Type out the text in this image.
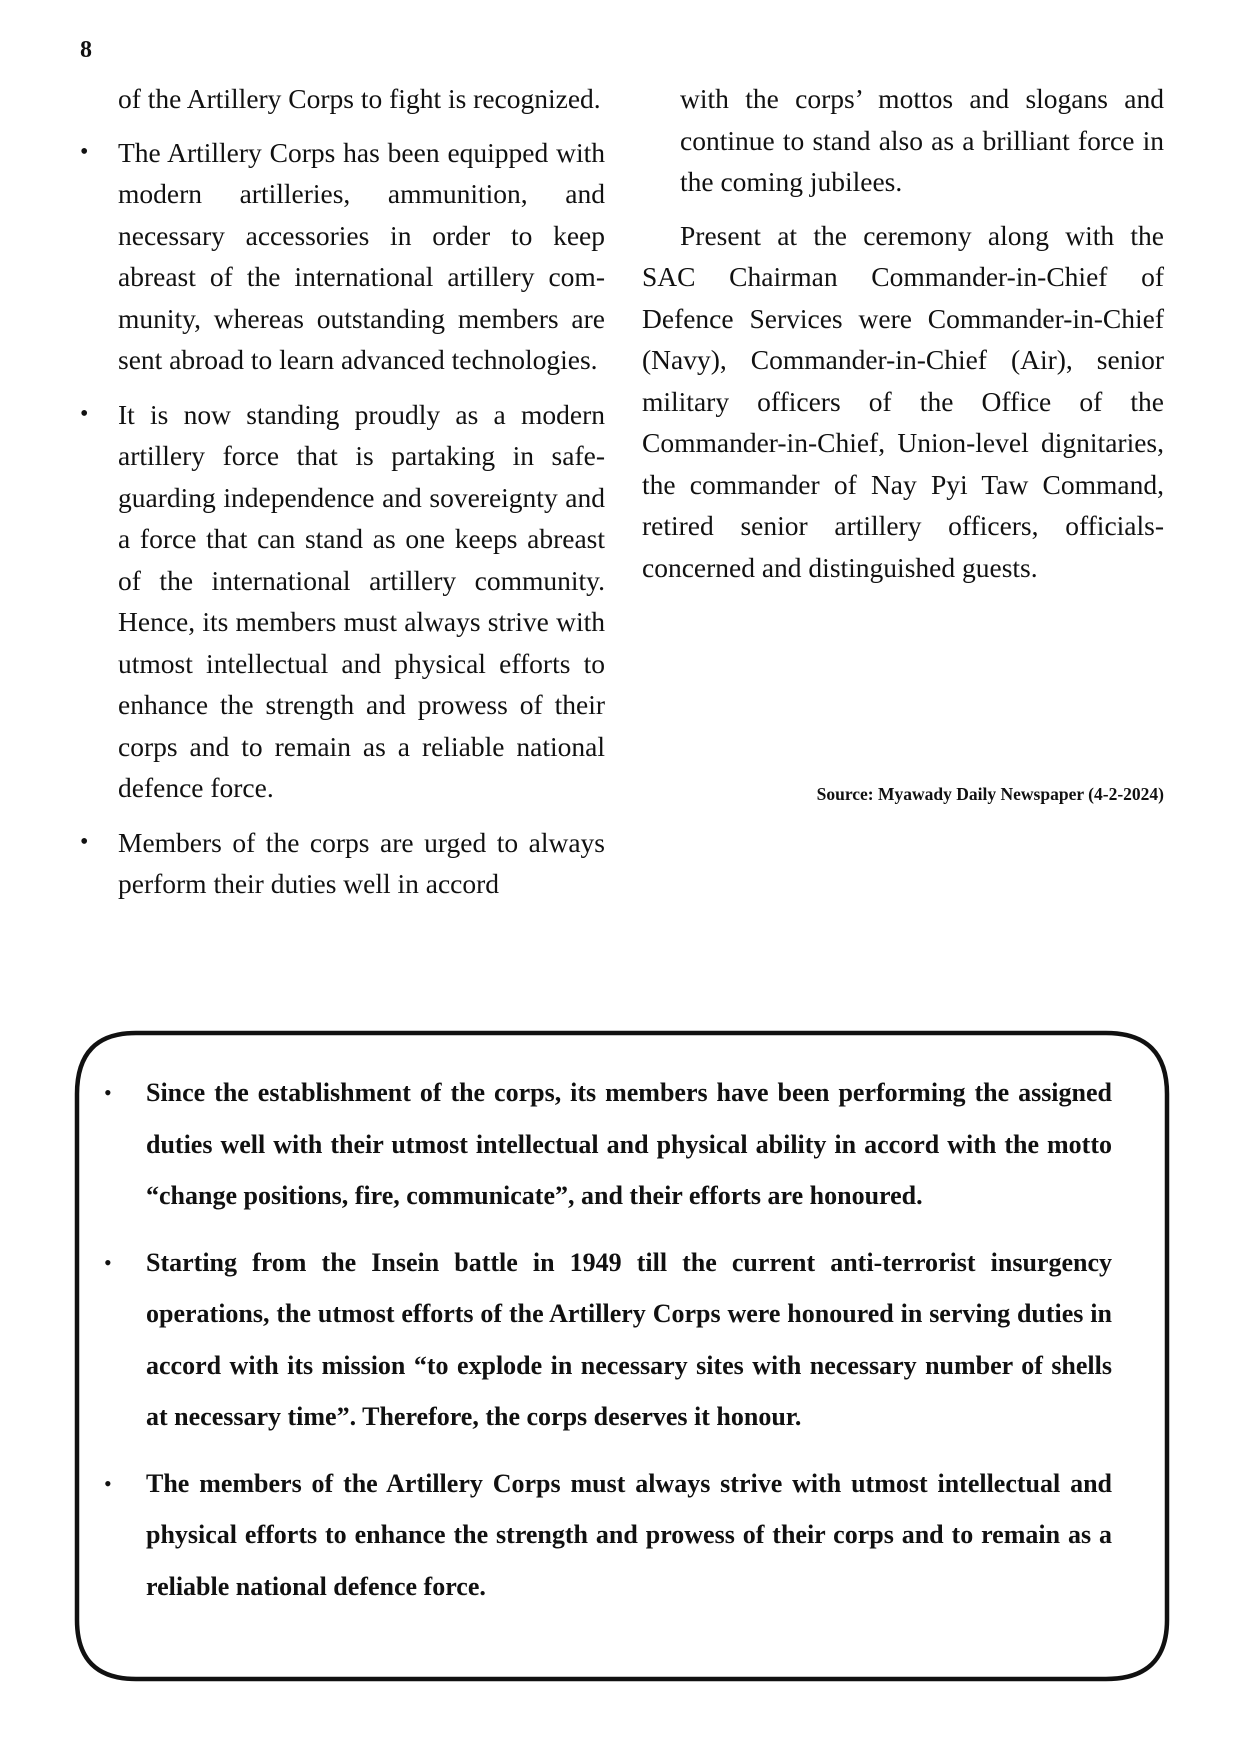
8

of the Artillery Corps to fight is recognized.

• The Artillery Corps has been equipped with modern artilleries, ammunition, and necessary accessories in order to keep abreast of the international artillery community, whereas outstanding members are sent abroad to learn advanced technologies.
• It is now standing proudly as a modern artillery force that is partaking in safeguarding independence and sovereignty and a force that can stand as one keeps abreast of the international artillery community. Hence, its members must always strive with utmost intellectual and physical efforts to enhance the strength and prowess of their corps and to remain as a reliable national defence force.
• Members of the corps are urged to always perform their duties well in accord

with the corps’ mottos and slogans and continue to stand also as a brilliant force in the coming jubilees.

Present at the ceremony along with the SAC Chairman Commander-in-Chief of Defence Services were Commander-in-Chief (Navy), Commander-in-Chief (Air), senior military officers of the Office of the Commander-in-Chief, Union-level dignitaries, the commander of Nay Pyi Taw Command, retired senior artillery officers, officials-concerned and distinguished guests.

Source: Myawady Daily Newspaper (4-2-2024)
• Since the establishment of the corps, its members have been performing the assigned duties well with their utmost intellectual and physical ability in accord with the motto “change positions, fire, communicate”, and their efforts are honoured.
• Starting from the Insein battle in 1949 till the current anti-terrorist insurgency operations, the utmost efforts of the Artillery Corps were honoured in serving duties in accord with its mission “to explode in necessary sites with necessary number of shells at necessary time”. Therefore, the corps deserves it honour.
• The members of the Artillery Corps must always strive with utmost intellectual and physical efforts to enhance the strength and prowess of their corps and to remain as a reliable national defence force.
